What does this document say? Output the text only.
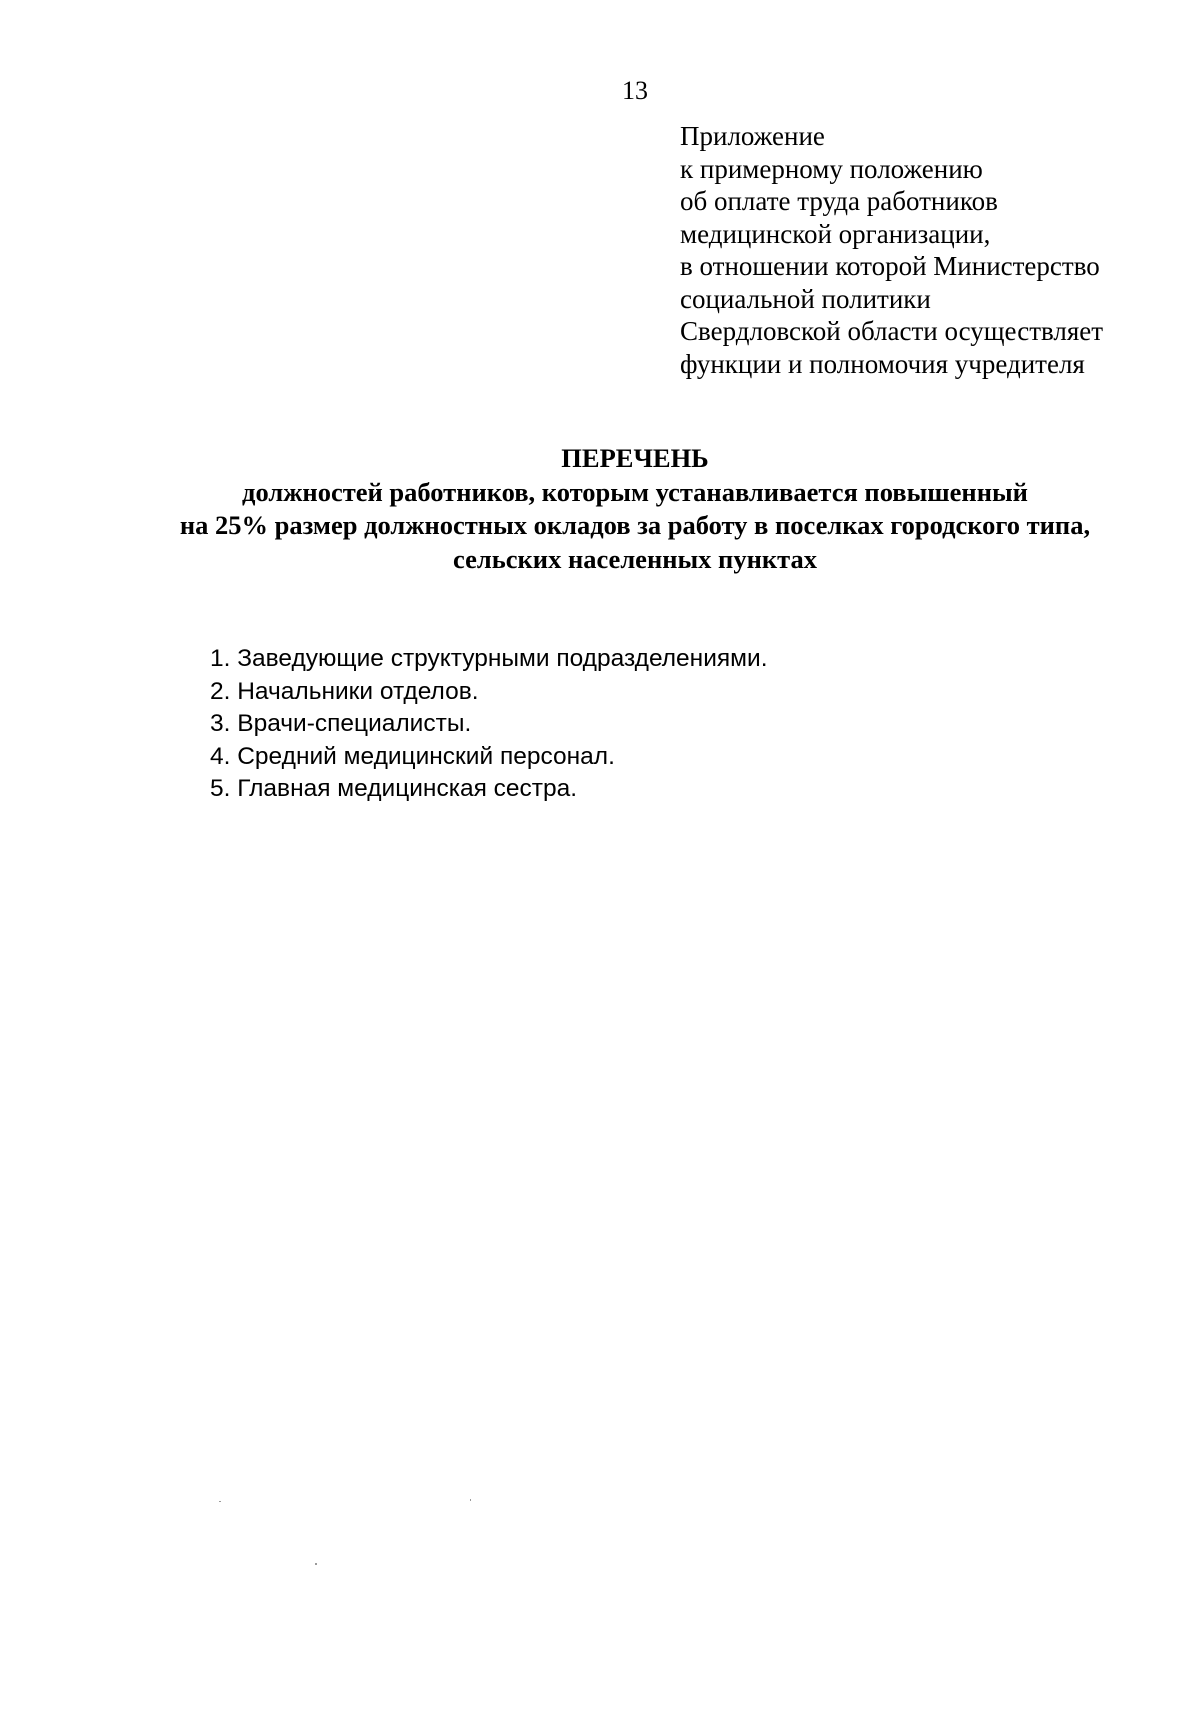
13
Приложение
к примерному положению
об оплате труда работников
медицинской организации,
в отношении которой Министерство
социальной политики
Свердловской области осуществляет
функции и полномочия учредителя
ПЕРЕЧЕНЬ
должностей работников, которым устанавливается повышенный
на 25% размер должностных окладов за работу в поселках городского типа,
сельских населенных пунктах
1. Заведующие структурными подразделениями.
2. Начальники отделов.
3. Врачи-специалисты.
4. Средний медицинский персонал.
5. Главная медицинская сестра.
